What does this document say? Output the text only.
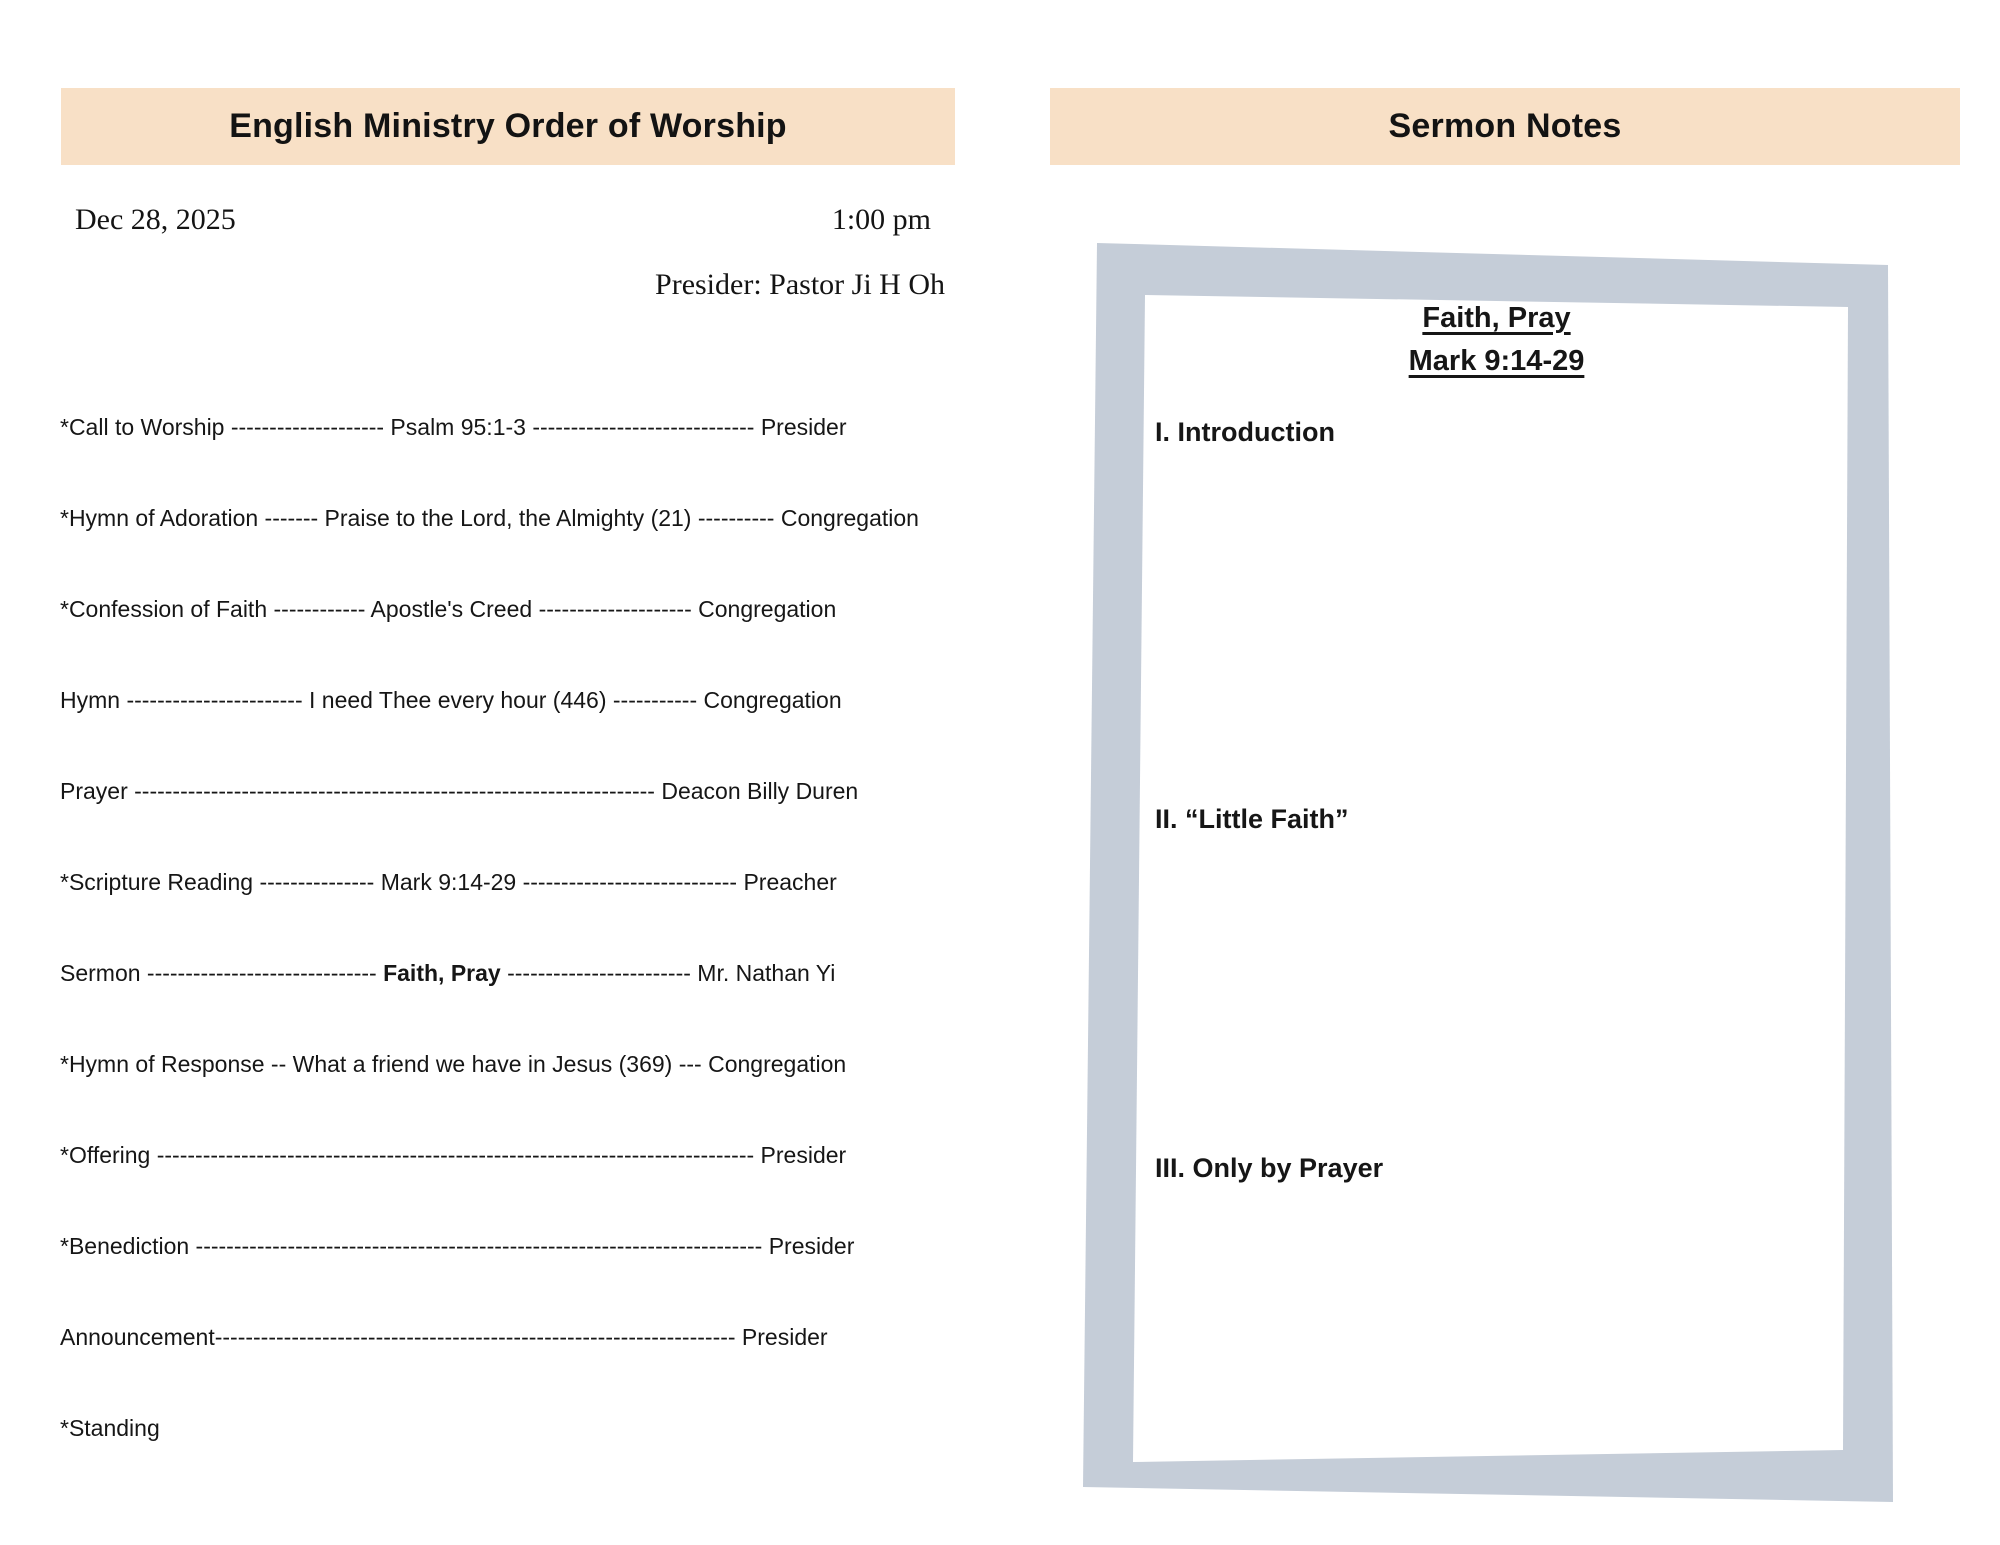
English Ministry Order of Worship
Dec 28, 2025	1:00 pm
Presider: Pastor Ji H Oh
*Call to Worship -------------------- Psalm 95:1-3 ----------------------------- Presider
*Hymn of Adoration ------- Praise to the Lord, the Almighty (21) ---------- Congregation
*Confession of Faith ------------ Apostle's Creed -------------------- Congregation
Hymn ----------------------- I need Thee every hour (446) ----------- Congregation
Prayer -------------------------------------------------------------------- Deacon Billy Duren
*Scripture Reading --------------- Mark 9:14-29 ---------------------------- Preacher
Sermon ------------------------------ Faith, Pray ------------------------ Mr. Nathan Yi
*Hymn of Response -- What a friend we have in Jesus (369) --- Congregation
*Offering ------------------------------------------------------------------------------ Presider
*Benediction -------------------------------------------------------------------------- Presider
Announcement-------------------------------------------------------------------- Presider
*Standing
Sermon Notes
Faith, Pray
Mark 9:14-29
I. Introduction
II. “Little Faith”
III. Only by Prayer
